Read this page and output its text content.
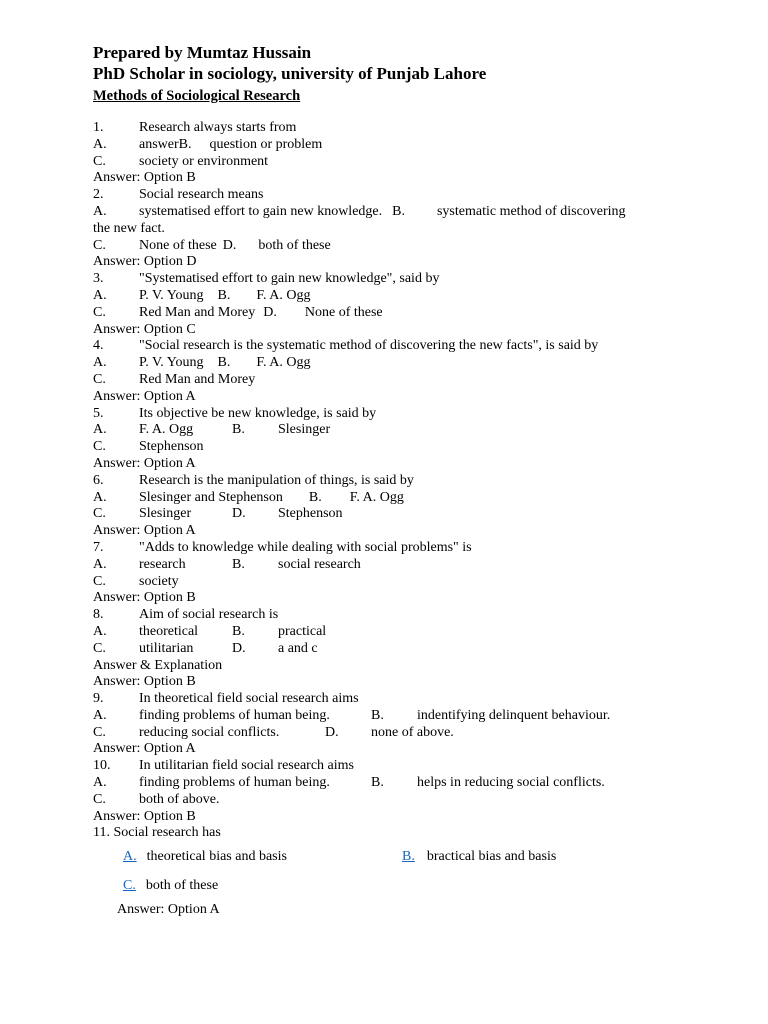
Prepared by Mumtaz Hussain
PhD Scholar in sociology, university of Punjab Lahore
Methods of Sociological Research
1.	Research always starts from
A. answerB. question or problem
C. society or environment
Answer: Option B
2.	Social research means
A. systematised effort to gain new knowledge. B. systematic method of discovering
the new fact.
C. None of these D. both of these
Answer: Option D
3.	"Systematised effort to gain new knowledge", said by
A. P. V. Young B. F. A. Ogg
C. Red Man and Morey D. None of these
Answer: Option C
4.	"Social research is the systematic method of discovering the new facts", is said by
A. P. V. Young B. F. A. Ogg
C. Red Man and Morey
Answer: Option A
5.	Its objective be new knowledge, is said by
A. F. A. Ogg	B. Slesinger
C. Stephenson
Answer: Option A
6.	Research is the manipulation of things, is said by
A. Slesinger and Stephenson B. F. A. Ogg
C. Slesinger	D. Stephenson
Answer: Option A
7.	"Adds to knowledge while dealing with social problems" is
A. research	B. social research
C. society
Answer: Option B
8.	Aim of social research is
A. theoretical B. practical
C. utilitarian	D. a and c
Answer & Explanation
Answer: Option B
9.	In theoretical field social research aims
A. finding problems of human being.	B. indentifying delinquent behaviour.
C. reducing social conflicts.	D. none of above.
Answer: Option A
10. In utilitarian field social research aims
A. finding problems of human being.	B. helps in reducing social conflicts.
C. both of above.
Answer: Option B
11. Social research has
A. theoretical bias and basis	B. bractical bias and basis
C. both of these
Answer: Option A
